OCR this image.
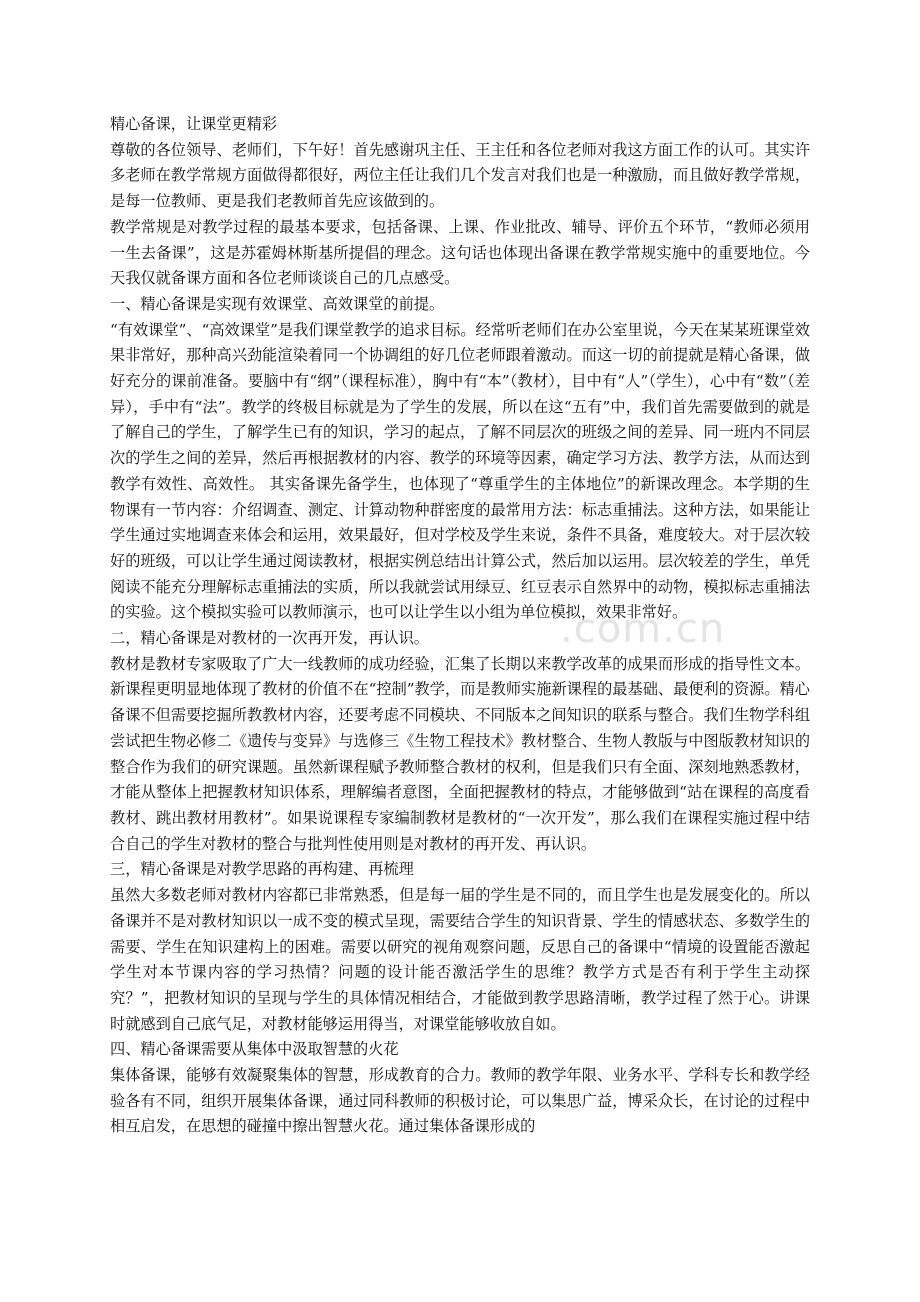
精心备课，让课堂更精彩

尊敬的各位领导、老师们，下午好！首先感谢巩主任、王主任和各位老师对我这方面工作的认可。其实许多老师在教学常规方面做得都很好，两位主任让我们几个发言对我们也是一种激励，而且做好教学常规，是每一位教师、更是我们老教师首先应该做到的。

教学常规是对教学过程的最基本要求，包括备课、上课、作业批改、辅导、评价五个环节，“教师必须用一生去备课”，这是苏霍姆林斯基所提倡的理念。这句话也体现出备课在教学常规实施中的重要地位。今天我仅就备课方面和各位老师谈谈自己的几点感受。

一、精心备课是实现有效课堂、高效课堂的前提。

“有效课堂”、“高效课堂”是我们课堂教学的追求目标。经常听老师们在办公室里说，今天在某某班课堂效果非常好，那种高兴劲能渲染着同一个协调组的好几位老师跟着激动。而这一切的前提就是精心备课，做好充分的课前准备。要脑中有“纲”（课程标准），胸中有“本”（教材），目中有“人”（学生），心中有“数”（差异），手中有“法”。教学的终极目标就是为了学生的发展，所以在这“五有”中，我们首先需要做到的就是了解自己的学生，了解学生已有的知识，学习的起点，了解不同层次的班级之间的差异、同一班内不同层次的学生之间的差异，然后再根据教材的内容、教学的环境等因素，确定学习方法、教学方法，从而达到教学有效性、高效性。 其实备课先备学生，也体现了“尊重学生的主体地位”的新课改理念。本学期的生物课有一节内容：介绍调查、测定、计算动物种群密度的最常用方法：标志重捕法。这种方法，如果能让学生通过实地调查来体会和运用，效果最好，但对学校及学生来说，条件不具备，难度较大。对于层次较好的班级，可以让学生通过阅读教材，根据实例总结出计算公式，然后加以运用。层次较差的学生，单凭阅读不能充分理解标志重捕法的实质，所以我就尝试用绿豆、红豆表示自然界中的动物，模拟标志重捕法的实验。这个模拟实验可以教师演示，也可以让学生以小组为单位模拟，效果非常好。

二，精心备课是对教材的一次再开发，再认识。

教材是教材专家吸取了广大一线教师的成功经验，汇集了长期以来教学改革的成果而形成的指导性文本。新课程更明显地体现了教材的价值不在“控制”教学，而是教师实施新课程的最基础、最便利的资源。精心备课不但需要挖掘所教教材内容，还要考虑不同模块、不同版本之间知识的联系与整合。我们生物学科组尝试把生物必修二《遗传与变异》与选修三《生物工程技术》教材整合、生物人教版与中图版教材知识的整合作为我们的研究课题。虽然新课程赋予教师整合教材的权利，但是我们只有全面、深刻地熟悉教材，才能从整体上把握教材知识体系，理解编者意图，全面把握教材的特点，才能够做到“站在课程的高度看教材、跳出教材用教材”。如果说课程专家编制教材是教材的“一次开发”，那么我们在课程实施过程中结合自己的学生对教材的整合与批判性使用则是对教材的再开发、再认识。

三，精心备课是对教学思路的再构建、再梳理

虽然大多数老师对教材内容都已非常熟悉，但是每一届的学生是不同的，而且学生也是发展变化的。所以备课并不是对教材知识以一成不变的模式呈现，需要结合学生的知识背景、学生的情感状态、多数学生的需要、学生在知识建构上的困难。需要以研究的视角观察问题，反思自己的备课中“情境的设置能否激起学生对本节课内容的学习热情？问题的设计能否激活学生的思维？教学方式是否有利于学生主动探究？”，把教材知识的呈现与学生的具体情况相结合，才能做到教学思路清晰，教学过程了然于心。讲课时就感到自己底气足，对教材能够运用得当，对课堂能够收放自如。

四、精心备课需要从集体中汲取智慧的火花

集体备课，能够有效凝聚集体的智慧，形成教育的合力。教师的教学年限、业务水平、学科专长和教学经验各有不同，组织开展集体备课，通过同科教师的积极讨论，可以集思广益，博采众长，在讨论的过程中相互启发，在思想的碰撞中擦出智慧火花。通过集体备课形成的

.com.cn
